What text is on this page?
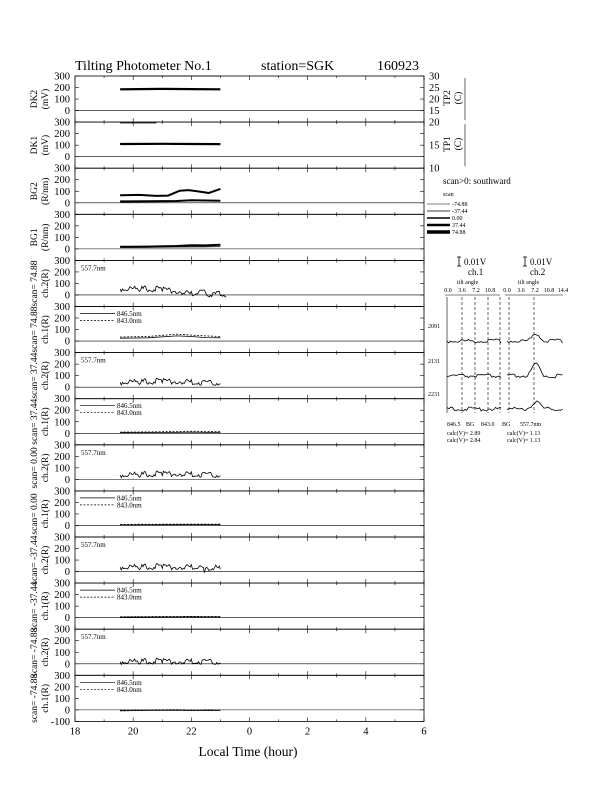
Tilting Photometer No.1	station=SGK	160923
300
200
100
0
DK2 (mV)
30
25
20
15
TP2 (C)
300
200
100
0
DK1 (mV)
20
15
10
TP1 (C)
300
200
100
0
BG2 (R/nm)
300
200
100
0
BG1 (R/nm)
300
200
100
0
scan= 74.88 ch.2(R)
557.7nm
300
200
100
0
scan= 74.88 ch.1(R)
846.5nm
843.0nm
300
200
100
0
scan= 37.44 ch.2(R)
557.7nm
300
200
100
0
scan= 37.44 ch.1(R)
846.5nm
843.0nm
300
200
100
0
scan= 0.00 ch.2(R)
557.7nm
300
200
100
0
scan= 0.00 ch.1(R)
846.5nm
843.0nm
300
200
100
0
scan= -37.44 ch.2(R)
557.7nm
300
200
100
0
scan= -37.44 ch.1(R)
846.5nm
843.0nm
300
200
100
0
scan= -74.88 ch.2(R)
557.7nm
300
200
100
0
-100
scan= -74.88 ch.1(R)
846.5nm
843.0nm
18	20	22	0	2	4	6
Local Time (hour)
scan>0: southward
scan
-74.88
-37.44
0.00
37.44
74.88
0.01V	0.01V
ch.1	ch.2
tilt angle	tilt angle
0.0 3.6 7.2 10.8 0.0 3.6 7.2 10.8 14.4
2091
2131
2231
846.5 BG 843.0 BG 557.7nm
calc(V)= 2.89
calc(V)= 2.84
calc(V)= 1.13
calc(V)= 1.13
